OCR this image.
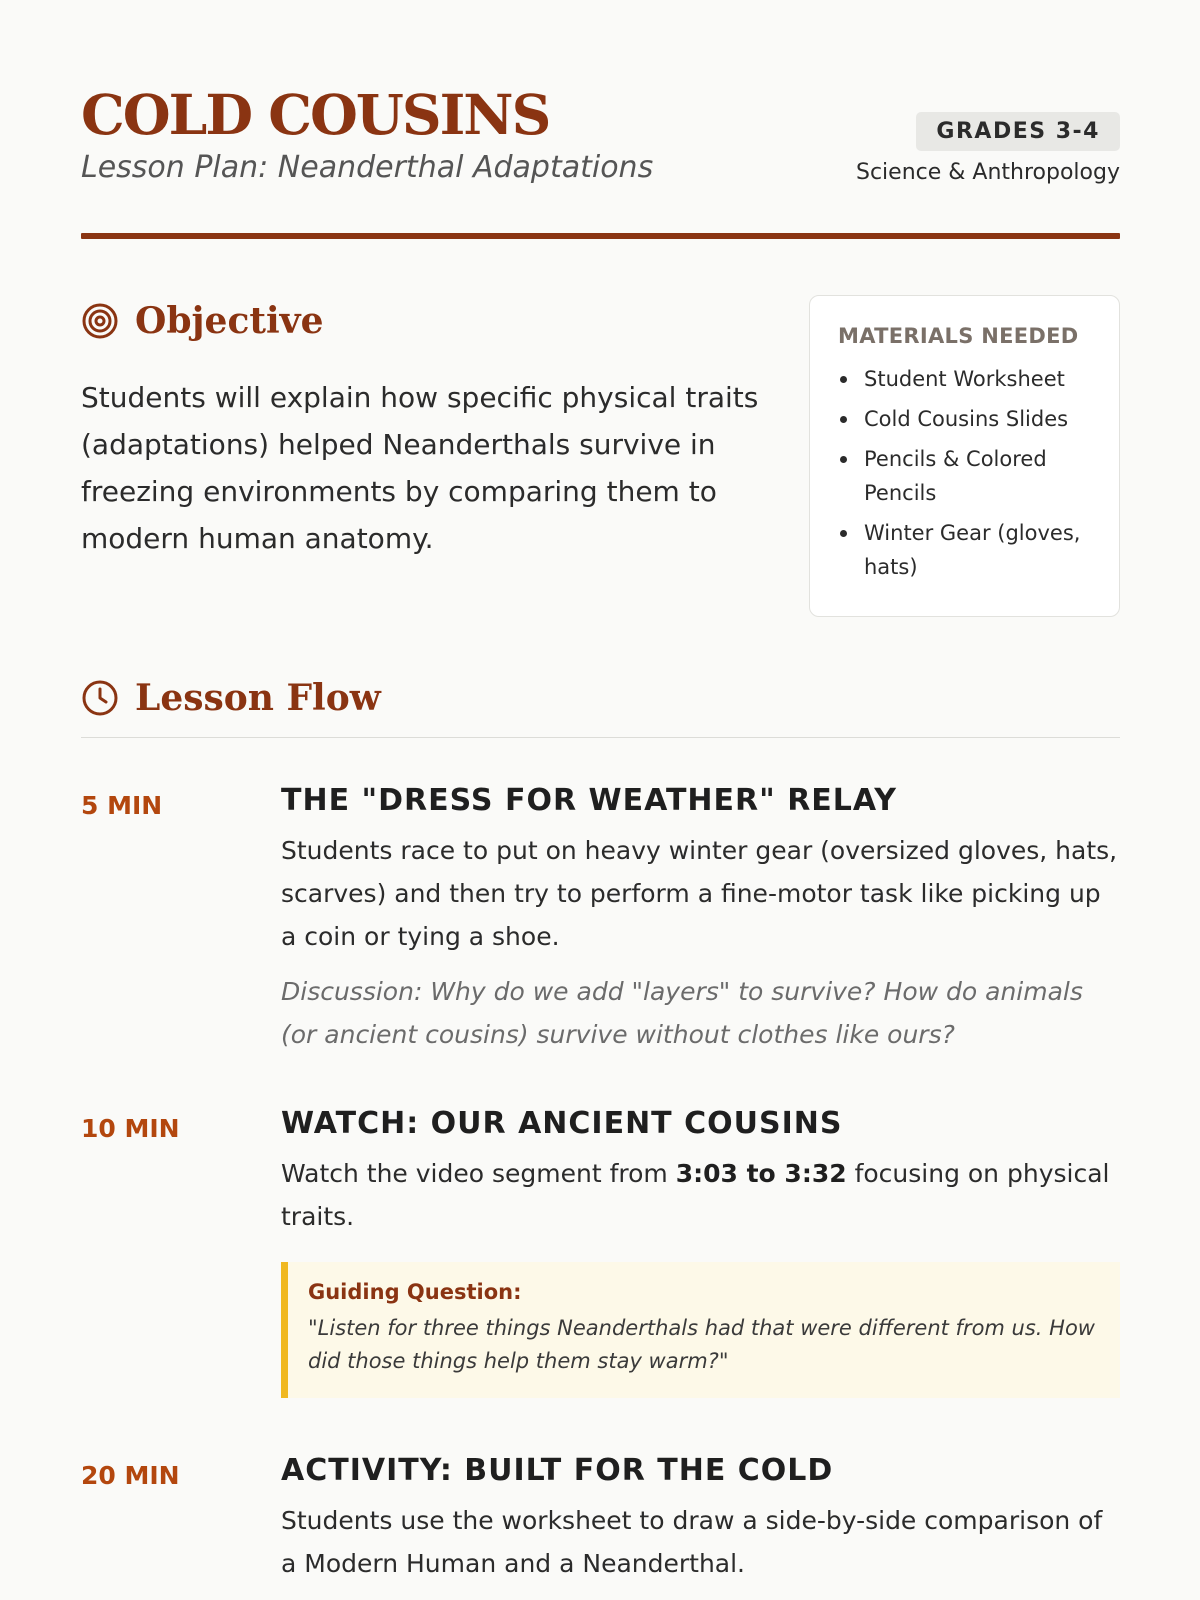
COLD COUSINS
Lesson Plan: Neanderthal Adaptations
GRADES 3-4
Science & Anthropology
Objective

Students will explain how specific physical traits (adaptations) helped Neanderthals survive in freezing environments by comparing them to modern human anatomy.

MATERIALS NEEDED
Student Worksheet
Cold Cousins Slides
Pencils & Colored Pencils
Winter Gear (gloves, hats)
Lesson Flow
5 MIN	THE "DRESS FOR WEATHER" RELAY

Students race to put on heavy winter gear (oversized gloves, hats, scarves) and then try to perform a fine-motor task like picking up a coin or tying a shoe.

Discussion: Why do we add "layers" to survive? How do animals (or ancient cousins) survive without clothes like ours?

10 MIN	WATCH: OUR ANCIENT COUSINS

Watch the video segment from 3:03 to 3:32 focusing on physical traits.

Guiding Question:
"Listen for three things Neanderthals had that were different from us. How did those things help them stay warm?"
20 MIN	ACTIVITY: BUILT FOR THE COLD

Students use the worksheet to draw a side-by-side comparison of a Modern Human and a Neanderthal.
